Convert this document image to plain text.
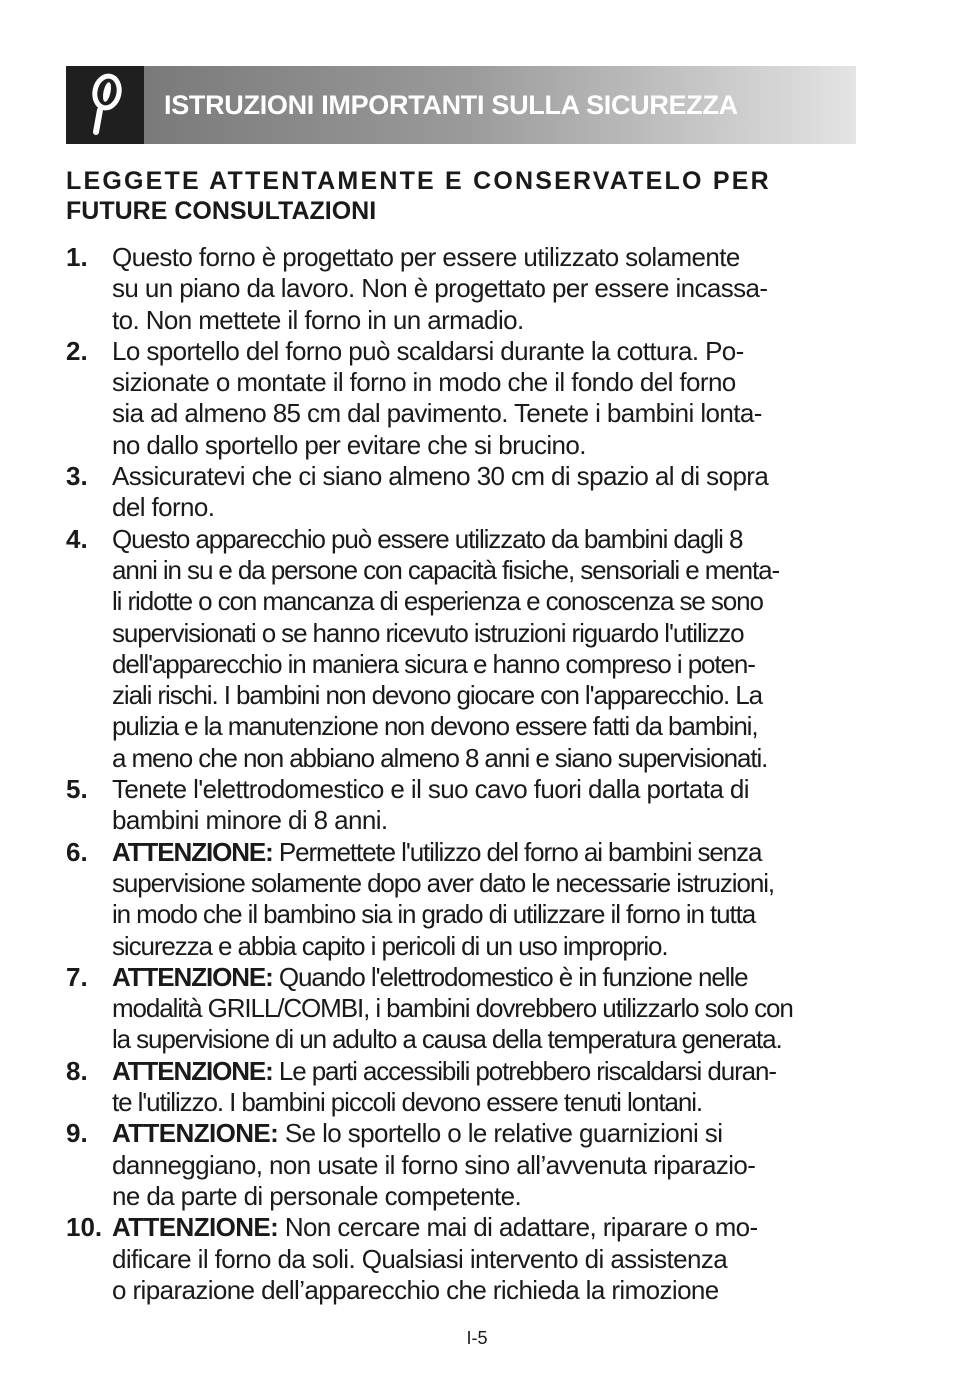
ISTRUZIONI IMPORTANTI SULLA SICUREZZA
LEGGETE ATTENTAMENTE E CONSERVATELO PER
FUTURE CONSULTAZIONI
1. Questo forno è progettato per essere utilizzato solamente
su un piano da lavoro. Non è progettato per essere incassa-
to. Non mettete il forno in un armadio.
2. Lo sportello del forno può scaldarsi durante la cottura. Po-
sizionate o montate il forno in modo che il fondo del forno
sia ad almeno 85 cm dal pavimento. Tenete i bambini lonta-
no dallo sportello per evitare che si brucino.
3. Assicuratevi che ci siano almeno 30 cm di spazio al di sopra
del forno.
4. Questo apparecchio può essere utilizzato da bambini dagli 8
anni in su e da persone con capacità fisiche, sensoriali e menta-
li ridotte o con mancanza di esperienza e conoscenza se sono
supervisionati o se hanno ricevuto istruzioni riguardo l'utilizzo
dell'apparecchio in maniera sicura e hanno compreso i poten-
ziali rischi. I bambini non devono giocare con l'apparecchio. La
pulizia e la manutenzione non devono essere fatti da bambini,
a meno che non abbiano almeno 8 anni e siano supervisionati.
5. Tenete l'elettrodomestico e il suo cavo fuori dalla portata di
bambini minore di 8 anni.
6. ATTENZIONE: Permettete l'utilizzo del forno ai bambini senza
supervisione solamente dopo aver dato le necessarie istruzioni,
in modo che il bambino sia in grado di utilizzare il forno in tutta
sicurezza e abbia capito i pericoli di un uso improprio.
7. ATTENZIONE: Quando l'elettrodomestico è in funzione nelle
modalità GRILL/COMBI, i bambini dovrebbero utilizzarlo solo con
la supervisione di un adulto a causa della temperatura generata.
8. ATTENZIONE: Le parti accessibili potrebbero riscaldarsi duran-
te l'utilizzo. I bambini piccoli devono essere tenuti lontani.
9. ATTENZIONE: Se lo sportello o le relative guarnizioni si
danneggiano, non usate il forno sino all’avvenuta riparazio-
ne da parte di personale competente.
10. ATTENZIONE: Non cercare mai di adattare, riparare o mo-
dificare il forno da soli. Qualsiasi intervento di assistenza
o riparazione dell’apparecchio che richieda la rimozione
I-5
